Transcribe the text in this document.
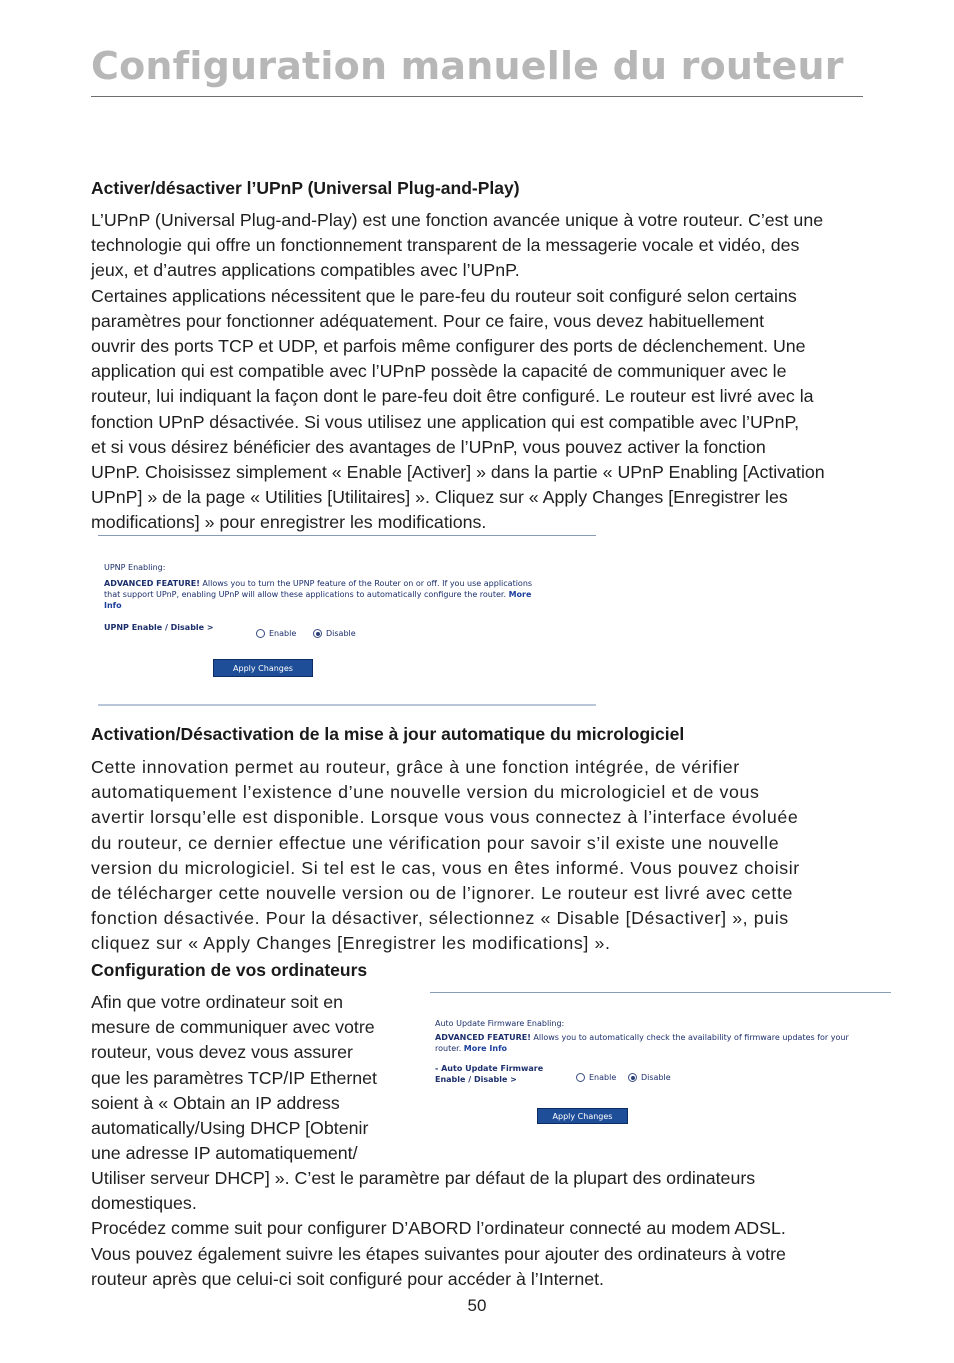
Configuration manuelle du routeur
Activer/désactiver l’UPnP (Universal Plug-and-Play)
L’UPnP (Universal Plug-and-Play) est une fonction avancée unique à votre routeur. C’est une
technologie qui offre un fonctionnement transparent de la messagerie vocale et vidéo, des
jeux, et d’autres applications compatibles avec l’UPnP.
Certaines applications nécessitent que le pare-feu du routeur soit configuré selon certains
paramètres pour fonctionner adéquatement. Pour ce faire, vous devez habituellement
ouvrir des ports TCP et UDP, et parfois même configurer des ports de déclenchement. Une
application qui est compatible avec l’UPnP possède la capacité de communiquer avec le
routeur, lui indiquant la façon dont le pare-feu doit être configuré. Le routeur est livré avec la
fonction UPnP désactivée. Si vous utilisez une application qui est compatible avec l’UPnP,
et si vous désirez bénéficier des avantages de l’UPnP, vous pouvez activer la fonction
UPnP. Choisissez simplement « Enable [Activer] » dans la partie « UPnP Enabling [Activation
UPnP] » de la page « Utilities [Utilitaires] ». Cliquez sur « Apply Changes [Enregistrer les
modifications] » pour enregistrer les modifications.

UPNP Enabling:

ADVANCED FEATURE! Allows you to turn the UPNP feature of the Router on or off. If you use applications
that support UPnP, enabling UPnP will allow these applications to automatically configure the router. More
Info

UPNP Enable / Disable >

Enable	Disable
Apply Changes
Activation/Désactivation de la mise à jour automatique du micrologiciel
Cette innovation permet au routeur, grâce à une fonction intégrée, de vérifier
automatiquement l’existence d’une nouvelle version du micrologiciel et de vous
avertir lorsqu’elle est disponible. Lorsque vous vous connectez à l’interface évoluée
du routeur, ce dernier effectue une vérification pour savoir s’il existe une nouvelle
version du micrologiciel. Si tel est le cas, vous en êtes informé. Vous pouvez choisir
de télécharger cette nouvelle version ou de l’ignorer. Le routeur est livré avec cette
fonction désactivée. Pour la désactiver, sélectionnez « Disable [Désactiver] », puis
cliquez sur « Apply Changes [Enregistrer les modifications] ».
Configuration de vos ordinateurs
Afin que votre ordinateur soit en
mesure de communiquer avec votre
routeur, vous devez vous assurer
que les paramètres TCP/IP Ethernet
soient à « Obtain an IP address
automatically/Using DHCP [Obtenir
une adresse IP automatiquement/
Utiliser serveur DHCP] ». C’est le paramètre par défaut de la plupart des ordinateurs
domestiques.
Procédez comme suit pour configurer D’ABORD l’ordinateur connecté au modem ADSL.
Vous pouvez également suivre les étapes suivantes pour ajouter des ordinateurs à votre
routeur après que celui-ci soit configuré pour accéder à l’Internet.

Auto Update Firmware Enabling:

ADVANCED FEATURE! Allows you to automatically check the availability of firmware updates for your
router. More Info

- Auto Update Firmware
Enable / Disable >	Enable	Disable
Apply Changes
50
